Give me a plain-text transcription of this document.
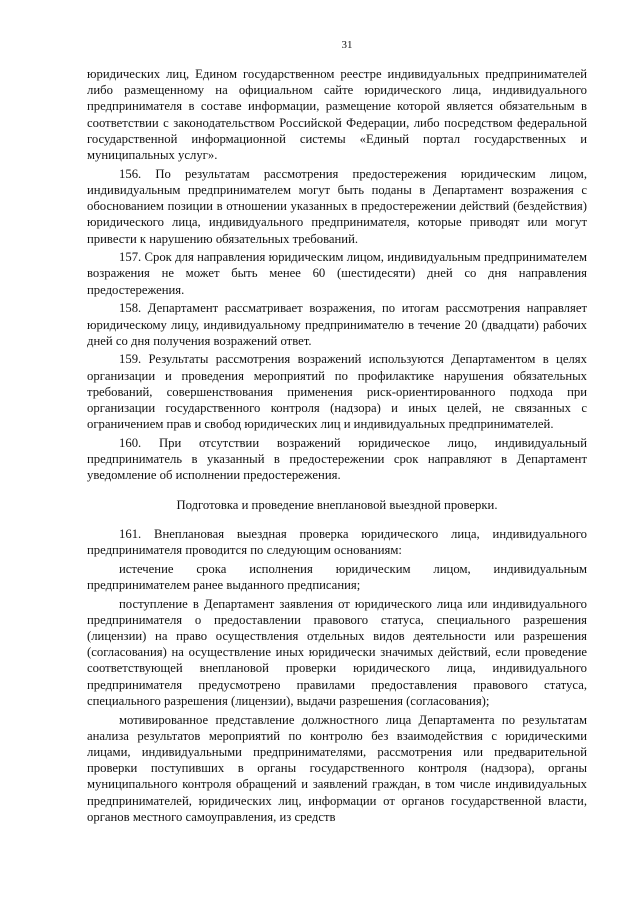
31

юридических лиц, Едином государственном реестре индивидуальных предпринимателей либо размещенному на официальном сайте юридического лица, индивидуального предпринимателя в составе информации, размещение которой является обязательным в соответствии с законодательством Российской Федерации, либо посредством федеральной государственной информационной системы «Единый портал государственных и муниципальных услуг».

156. По результатам рассмотрения предостережения юридическим лицом, индивидуальным предпринимателем могут быть поданы в Департамент возражения с обоснованием позиции в отношении указанных в предостережении действий (бездействия) юридического лица, индивидуального предпринимателя, которые приводят или могут привести к нарушению обязательных требований.

157. Срок для направления юридическим лицом, индивидуальным предпринимателем возражения не может быть менее 60 (шестидесяти) дней со дня направления предостережения.

158. Департамент рассматривает возражения, по итогам рассмотрения направляет юридическому лицу, индивидуальному предпринимателю в течение 20 (двадцати) рабочих дней со дня получения возражений ответ.

159. Результаты рассмотрения возражений используются Департаментом в целях организации и проведения мероприятий по профилактике нарушения обязательных требований, совершенствования применения риск-ориентированного подхода при организации государственного контроля (надзора) и иных целей, не связанных с ограничением прав и свобод юридических лиц и индивидуальных предпринимателей.

160. При отсутствии возражений юридическое лицо, индивидуальный предприниматель в указанный в предостережении срок направляют в Департамент уведомление об исполнении предостережения.

Подготовка и проведение внеплановой выездной проверки.

161. Внеплановая выездная проверка юридического лица, индивидуального предпринимателя проводится по следующим основаниям:

истечение срока исполнения юридическим лицом, индивидуальным предпринимателем ранее выданного предписания;

поступление в Департамент заявления от юридического лица или индивидуального предпринимателя о предоставлении правового статуса, специального разрешения (лицензии) на право осуществления отдельных видов деятельности или разрешения (согласования) на осуществление иных юридически значимых действий, если проведение соответствующей внеплановой проверки юридического лица, индивидуального предпринимателя предусмотрено правилами предоставления правового статуса, специального разрешения (лицензии), выдачи разрешения (согласования);

мотивированное представление должностного лица Департамента по результатам анализа результатов мероприятий по контролю без взаимодействия с юридическими лицами, индивидуальными предпринимателями, рассмотрения или предварительной проверки поступивших в органы государственного контроля (надзора), органы муниципального контроля обращений и заявлений граждан, в том числе индивидуальных предпринимателей, юридических лиц, информации от органов государственной власти, органов местного самоуправления, из средств
